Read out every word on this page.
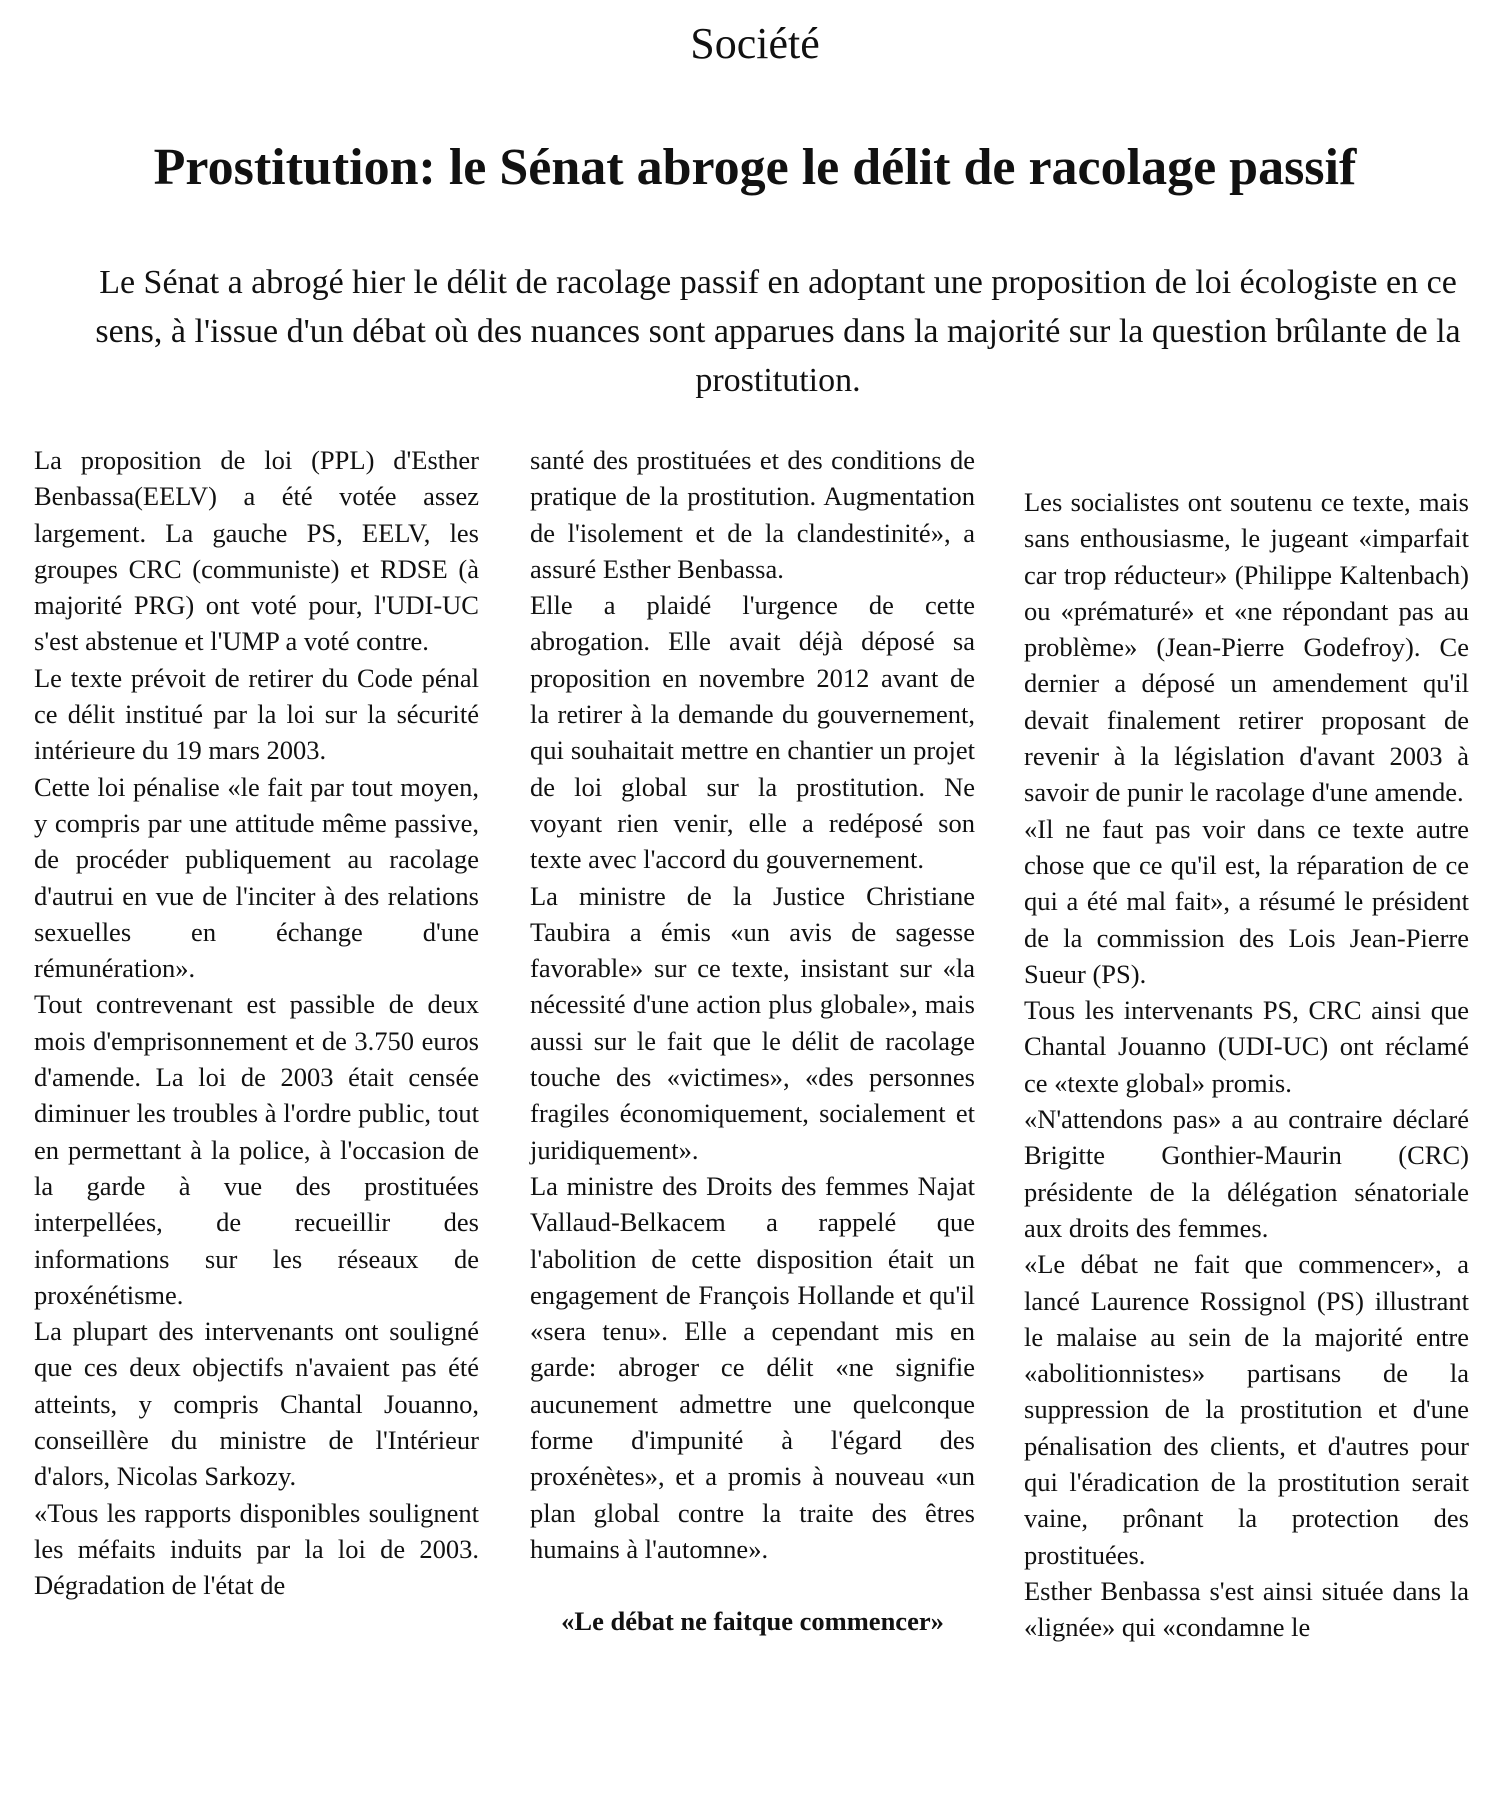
Société
Prostitution: le Sénat abroge le délit de racolage passif

Le Sénat a abrogé hier le délit de racolage passif en adoptant une proposition de loi écologiste en ce sens, à l'issue d'un débat où des nuances sont apparues dans la majorité sur la question brûlante de la prostitution.

La proposition de loi (PPL) d'Esther Benbassa(EELV) a été votée assez largement. La gauche PS, EELV, les groupes CRC (communiste) et RDSE (à majorité PRG) ont voté pour, l'UDI-UC s'est abstenue et l'UMP a voté contre.

Le texte prévoit de retirer du Code pénal ce délit institué par la loi sur la sécurité intérieure du 19 mars 2003.

Cette loi pénalise «le fait par tout moyen, y compris par une attitude même passive, de procéder publiquement au racolage d'autrui en vue de l'inciter à des relations sexuelles en échange d'une rémunération».

Tout contrevenant est passible de deux mois d'emprisonnement et de 3.750 euros d'amende. La loi de 2003 était censée diminuer les troubles à l'ordre public, tout en permettant à la police, à l'occasion de la garde à vue des prostituées interpellées, de recueillir des informations sur les réseaux de proxénétisme.

La plupart des intervenants ont souligné que ces deux objectifs n'avaient pas été atteints, y compris Chantal Jouanno, conseillère du ministre de l'Intérieur d'alors, Nicolas Sarkozy.

«Tous les rapports disponibles soulignent les méfaits induits par la loi de 2003. Dégradation de l'état de

santé des prostituées et des conditions de pratique de la prostitution. Augmentation de l'isolement et de la clandestinité», a assuré Esther Benbassa.

Elle a plaidé l'urgence de cette abrogation. Elle avait déjà déposé sa proposition en novembre 2012 avant de la retirer à la demande du gouvernement, qui souhaitait mettre en chantier un projet de loi global sur la prostitution. Ne voyant rien venir, elle a redéposé son texte avec l'accord du gouvernement.

La ministre de la Justice Christiane Taubira a émis «un avis de sagesse favorable» sur ce texte, insistant sur «la nécessité d'une action plus globale», mais aussi sur le fait que le délit de racolage touche des «victimes», «des personnes fragiles économiquement, socialement et juridiquement».

La ministre des Droits des femmes Najat Vallaud-Belkacem a rappelé que l'abolition de cette disposition était un engagement de François Hollande et qu'il «sera tenu». Elle a cependant mis en garde: abroger ce délit «ne signifie aucunement admettre une quelconque forme d'impunité à l'égard des proxénètes», et a promis à nouveau «un plan global contre la traite des êtres humains à l'automne».

«Le débat ne faitque commencer»

Les socialistes ont soutenu ce texte, mais sans enthousiasme, le jugeant «imparfait car trop réducteur» (Philippe Kaltenbach) ou «prématuré» et «ne répondant pas au problème» (Jean-Pierre Godefroy). Ce dernier a déposé un amendement qu'il devait finalement retirer proposant de revenir à la législation d'avant 2003 à savoir de punir le racolage d'une amende.

«Il ne faut pas voir dans ce texte autre chose que ce qu'il est, la réparation de ce qui a été mal fait», a résumé le président de la commission des Lois Jean-Pierre Sueur (PS).

Tous les intervenants PS, CRC ainsi que Chantal Jouanno (UDI-UC) ont réclamé ce «texte global» promis.

«N'attendons pas» a au contraire déclaré Brigitte Gonthier-Maurin (CRC) présidente de la délégation sénatoriale aux droits des femmes.

«Le débat ne fait que commencer», a lancé Laurence Rossignol (PS) illustrant le malaise au sein de la majorité entre «abolitionnistes» partisans de la suppression de la prostitution et d'une pénalisation des clients, et d'autres pour qui l'éradication de la prostitution serait vaine, prônant la protection des prostituées.

Esther Benbassa s'est ainsi située dans la «lignée» qui «condamne le
